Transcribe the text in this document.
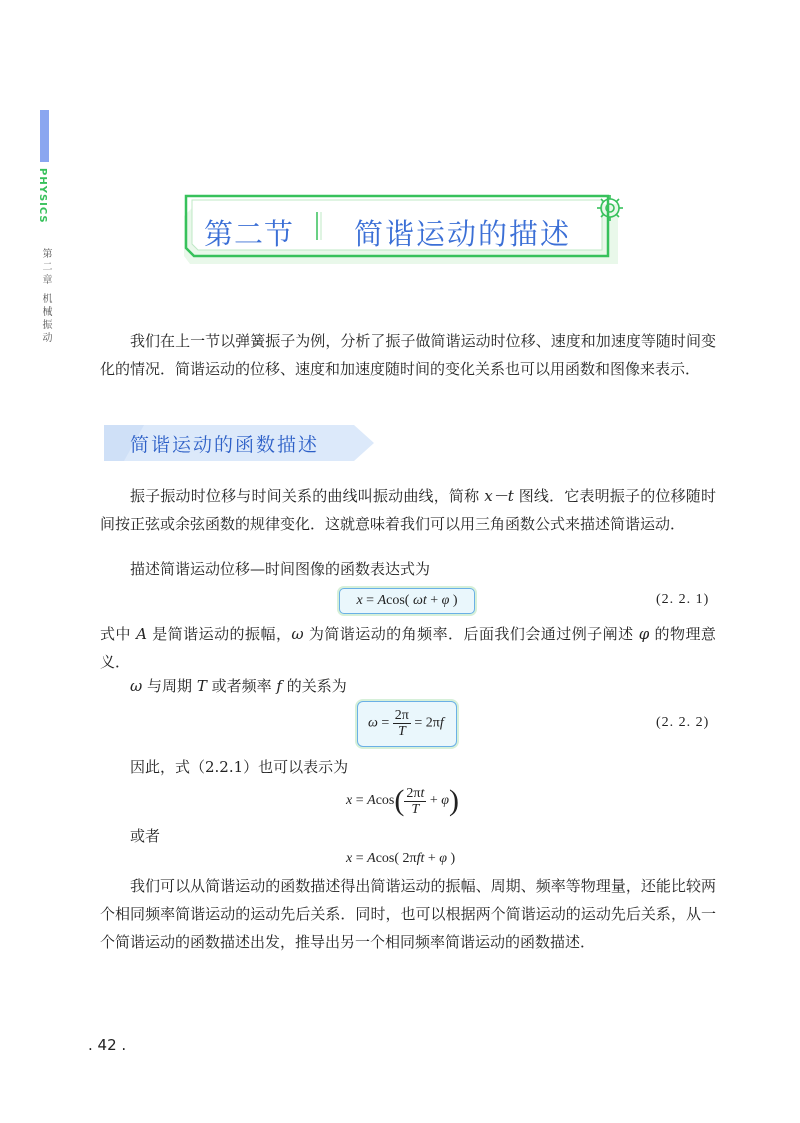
PHYSICS
第二章 机械振动
第二节 简谐运动的描述

我们在上一节以弹簧振子为例，分析了振子做简谐运动时位移、速度和加速度等随时间变化的情况．简谐运动的位移、速度和加速度随时间的变化关系也可以用函数和图像来表示．

简谐运动的函数描述

振子振动时位移与时间关系的曲线叫振动曲线，简称 x－t 图线．它表明振子的位移随时间按正弦或余弦函数的规律变化．这就意味着我们可以用三角函数公式来描述简谐运动．

描述简谐运动位移—时间图像的函数表达式为

x = Acos( ωt + φ )	(2. 2. 1)

式中 A 是简谐运动的振幅，ω 为简谐运动的角频率．后面我们会通过例子阐述 φ 的物理意义．

ω 与周期 T 或者频率 f 的关系为

$\omega = \frac{2\pi}{T} = 2\pi f$	(2. 2. 2)

因此，式（2.2.1）也可以表示为

$x = Acos( \frac{2\pi t}{T} + \varphi)$

或者

x = Acos( 2πft + φ )

我们可以从简谐运动的函数描述得出简谐运动的振幅、周期、频率等物理量，还能比较两个相同频率简谐运动的运动先后关系．同时，也可以根据两个简谐运动的运动先后关系，从一个简谐运动的函数描述出发，推导出另一个相同频率简谐运动的函数描述．

. 42 .
